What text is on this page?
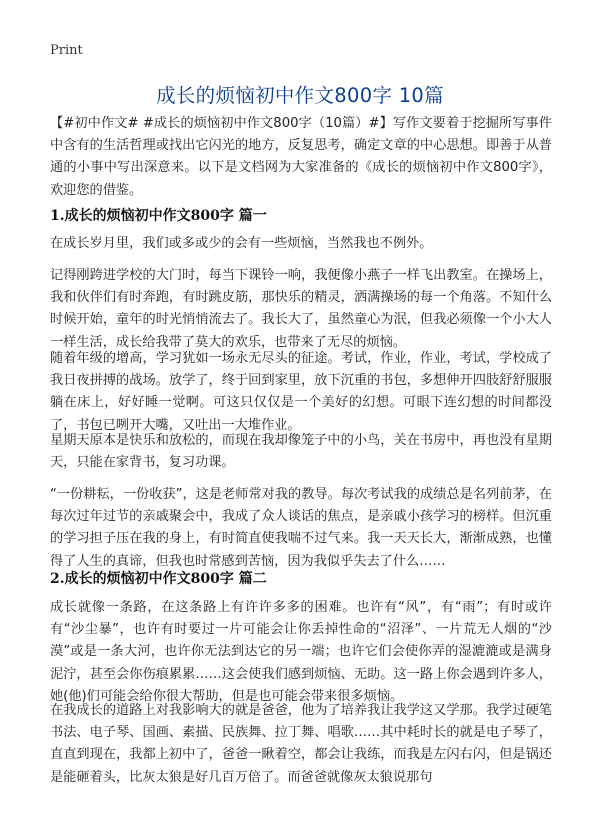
Print
成长的烦恼初中作文800字 10篇

【#初中作文# #成长的烦恼初中作文800字（10篇）#】写作文要着于挖掘所写事件中含有的生活哲理或找出它闪光的地方，反复思考，确定文章的中心思想。即善于从普通的小事中写出深意来。以下是文档网为大家准备的《成长的烦恼初中作文800字》，欢迎您的借鉴。

1.成长的烦恼初中作文800字 篇一

在成长岁月里，我们或多或少的会有一些烦恼，当然我也不例外。

记得刚跨进学校的大门时，每当下课铃一响，我便像小燕子一样飞出教室。在操场上，我和伙伴们有时奔跑，有时跳皮筋，那快乐的精灵，洒满操场的每一个角落。不知什么时候开始，童年的时光悄悄流去了。我长大了，虽然童心为泯，但我必须像一个小大人一样生活，成长给我带了莫大的欢乐，也带来了无尽的烦恼。

随着年级的增高，学习犹如一场永无尽头的征途。考试，作业，作业，考试，学校成了我日夜拼搏的战场。放学了，终于回到家里，放下沉重的书包，多想伸开四肢舒舒服服躺在床上，好好睡一觉啊。可这只仅仅是一个美好的幻想。可眼下连幻想的时间都没了，书包已咧开大嘴，又吐出一大堆作业。

星期天原本是快乐和放松的，而现在我却像笼子中的小鸟，关在书房中，再也没有星期天，只能在家背书，复习功课。

“一份耕耘，一份收获”，这是老师常对我的教导。每次考试我的成绩总是名列前茅，在每次过年过节的亲戚聚会中，我成了众人谈话的焦点，是亲戚小孩学习的榜样。但沉重的学习担子压在我的身上，有时简直使我喘不过气来。我一天天长大，渐渐成熟，也懂得了人生的真谛，但我也时常感到苦恼，因为我似乎失去了什么……

2.成长的烦恼初中作文800字 篇二

成长就像一条路，在这条路上有许许多多的困难。也许有“风”，有“雨”；有时或许有“沙尘暴”，也许有时要过一片可能会让你丢掉性命的“沼泽”、一片荒无人烟的“沙漠”或是一条大河，也许你无法到达它的另一端；也许它们会使你弄的湿漉漉或是满身泥泞，甚至会你伤痕累累……这会使我们感到烦恼、无助。这一路上你会遇到许多人，她(他)们可能会给你很大帮助，但是也可能会带来很多烦恼。

在我成长的道路上对我影响大的就是爸爸，他为了培养我让我学这又学那。我学过硬笔书法、电子琴、国画、素描、民族舞、拉丁舞、唱歌……其中耗时长的就是电子琴了，直直到现在，我都上初中了，爸爸一瞅着空，都会让我练，而我是左闪右闪，但是锅还是能砸着头，比灰太狼是好几百万倍了。而爸爸就像灰太狼说那句
